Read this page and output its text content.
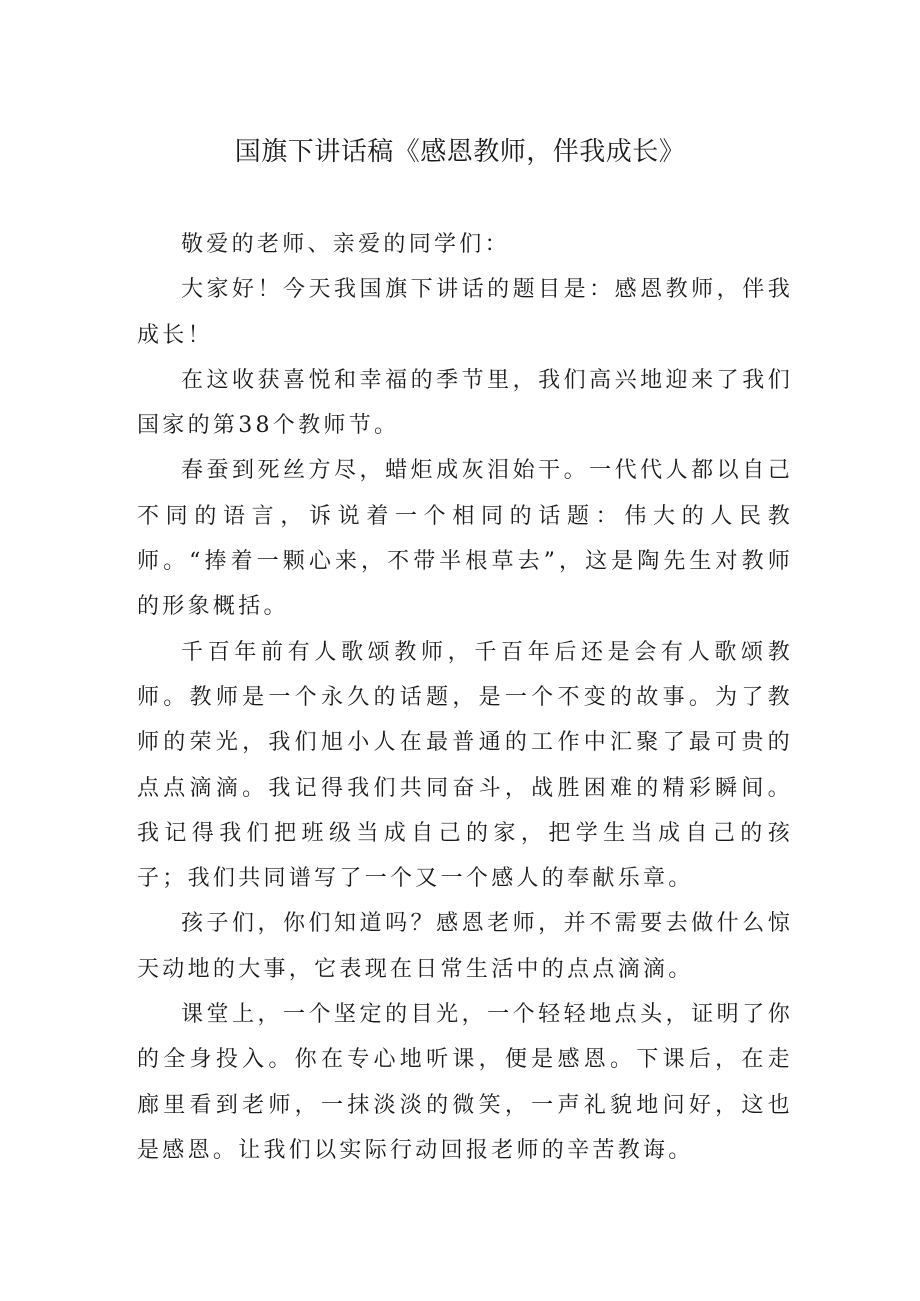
国旗下讲话稿《感恩教师，伴我成长》

敬爱的老师、亲爱的同学们：

大家好！今天我国旗下讲话的题目是：感恩教师，伴我成长！

在这收获喜悦和幸福的季节里，我们高兴地迎来了我们国家的第38个教师节。

春蚕到死丝方尽，蜡炬成灰泪始干。一代代人都以自己不同的语言，诉说着一个相同的话题：伟大的人民教师。“捧着一颗心来，不带半根草去”，这是陶先生对教师的形象概括。

千百年前有人歌颂教师，千百年后还是会有人歌颂教师。教师是一个永久的话题，是一个不变的故事。为了教师的荣光，我们旭小人在最普通的工作中汇聚了最可贵的点点滴滴。我记得我们共同奋斗，战胜困难的精彩瞬间。我记得我们把班级当成自己的家，把学生当成自己的孩子；我们共同谱写了一个又一个感人的奉献乐章。

孩子们，你们知道吗？感恩老师，并不需要去做什么惊天动地的大事，它表现在日常生活中的点点滴滴。

课堂上，一个坚定的目光，一个轻轻地点头，证明了你的全身投入。你在专心地听课，便是感恩。下课后，在走廊里看到老师，一抹淡淡的微笑，一声礼貌地问好，这也是感恩。让我们以实际行动回报老师的辛苦教诲。
